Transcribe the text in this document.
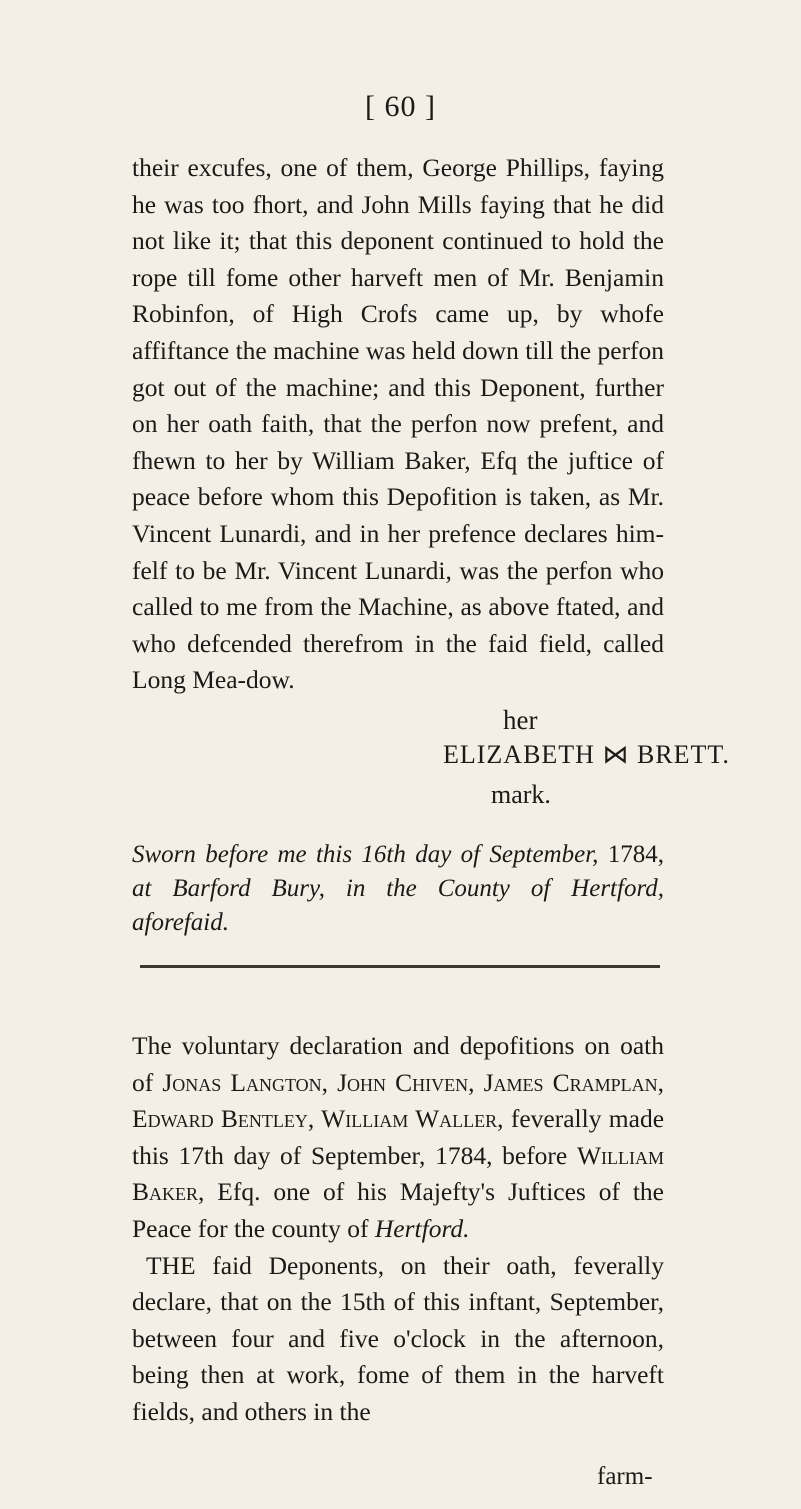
[ 60 ]

their excufes, one of them, George Phillips, faying he was too fhort, and John Mills faying that he did not like it; that this deponent continued to hold the rope till fome other harveft men of Mr. Benjamin Robinfon, of High Crofs came up, by whofe affiftance the machine was held down till the perfon got out of the machine; and this Deponent, further on her oath faith, that the perfon now prefent, and fhewn to her by William Baker, Efq the juftice of peace before whom this Depofition is taken, as Mr. Vincent Lunardi, and in her prefence declares him-felf to be Mr. Vincent Lunardi, was the perfon who called to me from the Machine, as above ftated, and who defcended therefrom in the faid field, called Long Mea-dow.

her
ELIZABETH ⋈ BRETT.
mark.

Sworn before me this 16th day of September, 1784, at Barford Bury, in the County of Hertford, aforefaid.

The voluntary declaration and depofitions on oath of Jonas Langton, John Chiven, James Cramplan, Edward Bentley, William Waller, feverally made this 17th day of September, 1784, before William Baker, Efq. one of his Majefty's Juftices of the Peace for the county of Hertford.
THE faid Deponents, on their oath, feverally declare, that on the 15th of this inftant, September, between four and five o'clock in the afternoon, being then at work, fome of them in the harveft fields, and others in the

farm-
